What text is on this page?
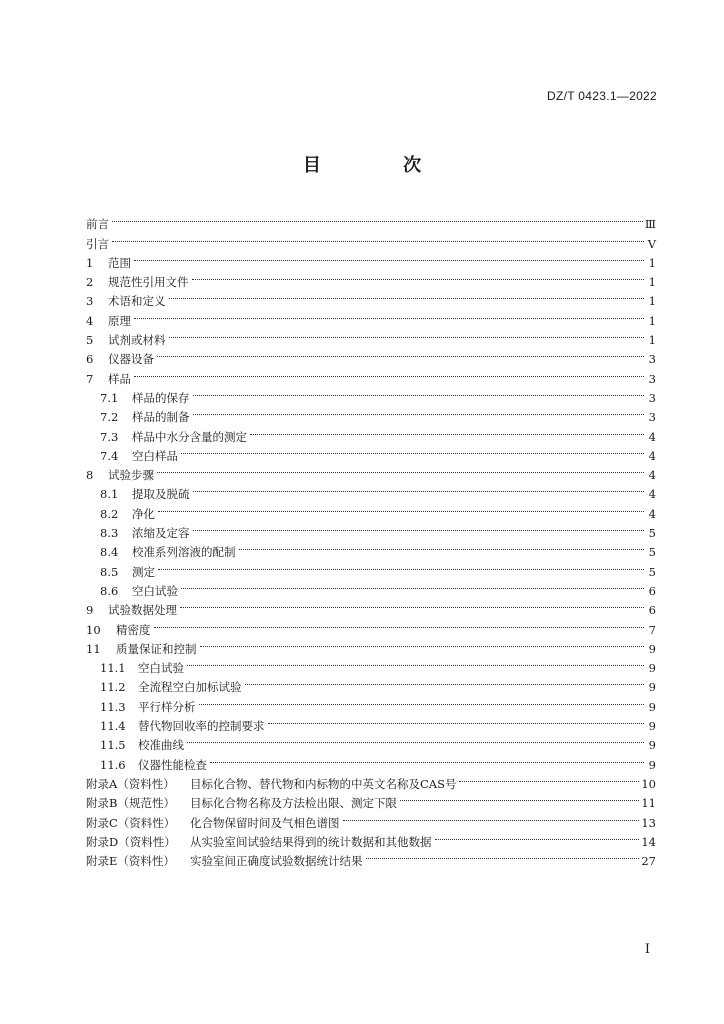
DZ/T 0423.1—2022
目 次
前言	Ⅲ
引言	Ⅴ
1	范围	1
2	规范性引用文件	1
3	术语和定义	1
4	原理	1
5	试剂或材料	1
6	仪器设备	3
7	样品	3
7.1	样品的保存	3
7.2	样品的制备	3
7.3	样品中水分含量的测定	4
7.4	空白样品	4
8	试验步骤	4
8.1	提取及脱硫	4
8.2	净化	4
8.3	浓缩及定容	5
8.4	校准系列溶液的配制	5
8.5	测定	5
8.6	空白试验	6
9	试验数据处理	6
10	精密度	7
11	质量保证和控制	9
11.1	空白试验	9
11.2	全流程空白加标试验	9
11.3	平行样分析	9
11.4	替代物回收率的控制要求	9
11.5	校准曲线	9
11.6	仪器性能检查	9
附录A（资料性）	目标化合物、替代物和内标物的中英文名称及CAS号	10
附录B（规范性）	目标化合物名称及方法检出限、测定下限	11
附录C（资料性）	化合物保留时间及气相色谱图	13
附录D（资料性）	从实验室间试验结果得到的统计数据和其他数据	14
附录E（资料性）	实验室间正确度试验数据统计结果	27
Ⅰ
